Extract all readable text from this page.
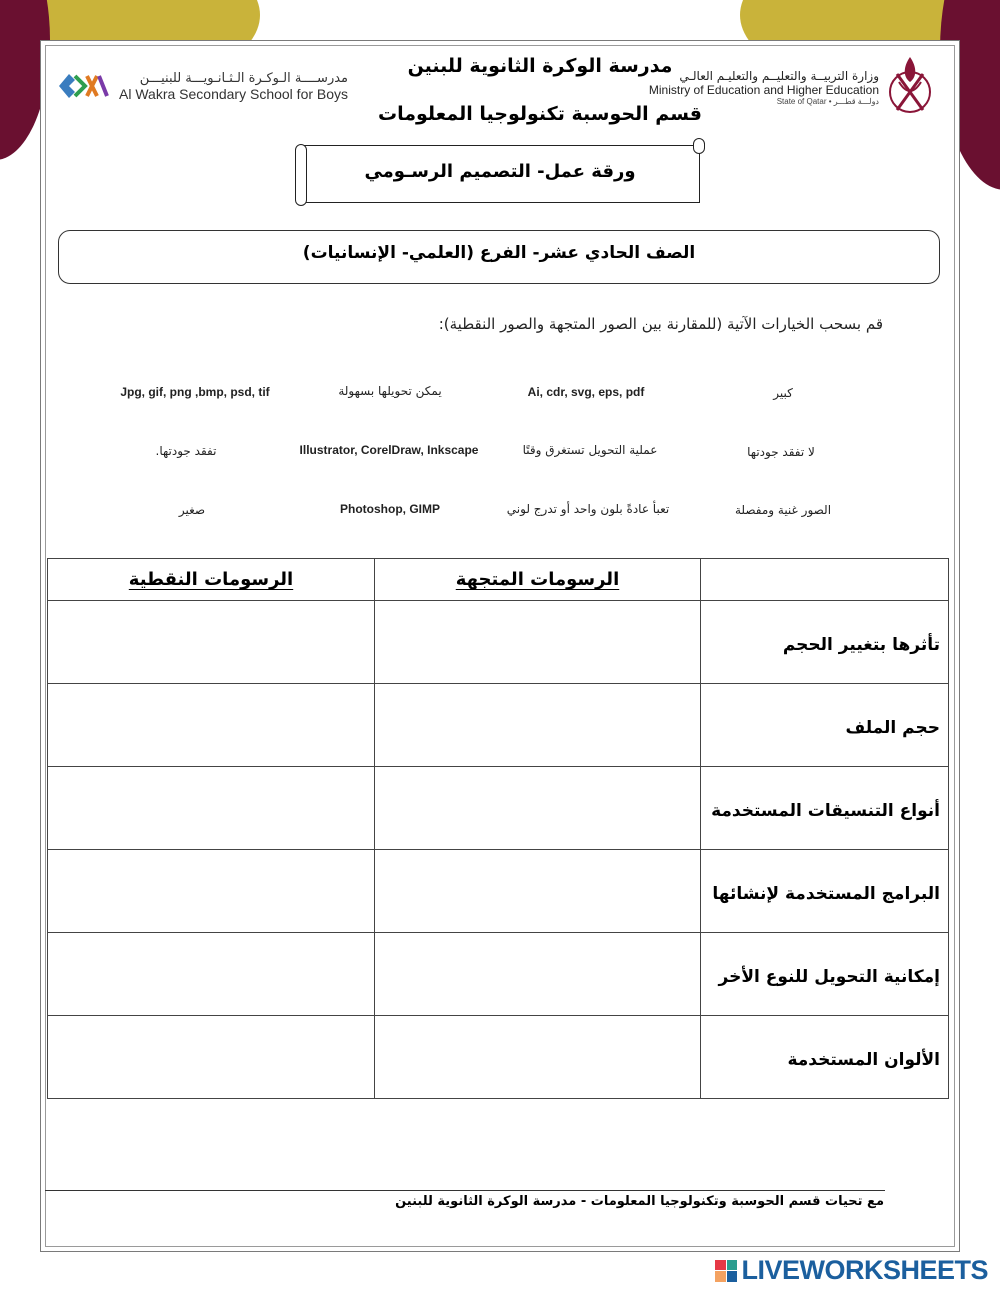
مدرسة الوكرة الثانوية للبنين
قسم الحوسبة تكنولوجيا المعلومات
مدرســــة الـوكـرة الـثـانـويـــة للبنيـــن
Al Wakra Secondary School for Boys
وزارة التربيــة والتعليــم والتعليـم العالـي
Ministry of Education and Higher Education
State of Qatar • دولـــة قطـــر
ورقة عمل- التصميم الرسـومي
الصف الحادي عشر- الفرع (العلمي- الإنسانيات)
قم بسحب الخيارات الآتية (للمقارنة بين الصور المتجهة والصور النقطية):
Jpg, gif, png ,bmp, psd, tif	يمكن تحويلها بسهولة	Ai, cdr, svg, eps, pdf	كبير
تفقد جودتها.	Illustrator, CorelDraw, Inkscape	عملية التحويل تستغرق وقتًا	لا تفقد جودتها
صغير	Photoshop, GIMP	تعبأ عادةً بلون واحد أو تدرج لوني	الصور غنية ومفصلة
	الرسومات المتجهة	الرسومات النقطية
تأثرها بتغيير الحجم		
حجم الملف		
أنواع التنسيقات المستخدمة		
البرامج المستخدمة لإنشائها		
إمكانية التحويل للنوع الأخر		
الألوان المستخدمة		
مع تحيات قسم الحوسبة وتكنولوجيا المعلومات - مدرسة الوكرة الثانوية للبنين
LIVEWORKSHEETS
